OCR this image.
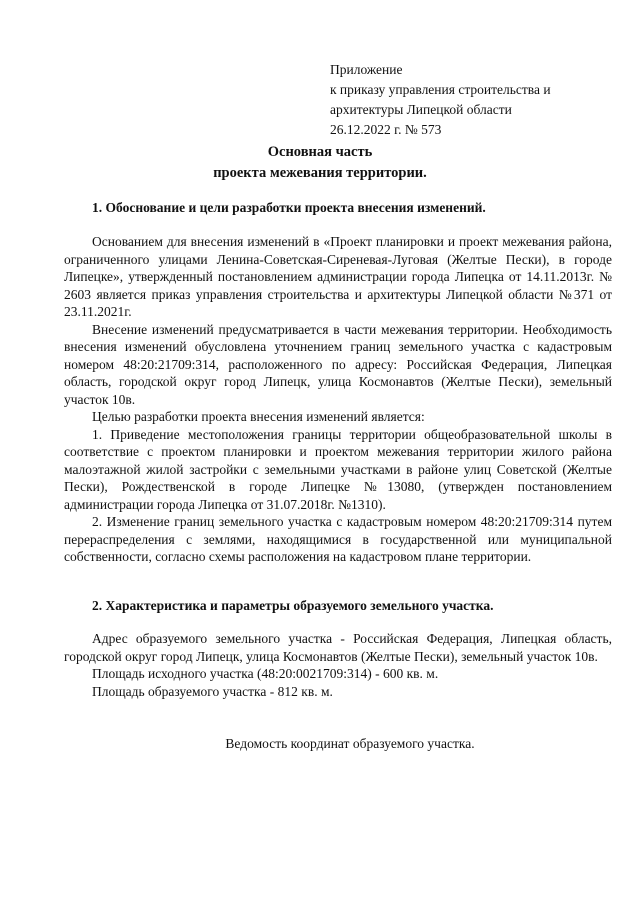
Приложение
к приказу управления строительства и
архитектуры Липецкой области
26.12.2022 г. № 573
Основная часть
проекта межевания территории.
1. Обоснование и цели разработки проекта внесения изменений.

Основанием для внесения изменений в «Проект планировки и проект межевания района, ограниченного улицами Ленина-Советская-Сиреневая-Луговая (Желтые Пески), в городе Липецке», утвержденный постановлением администрации города Липецка от 14.11.2013г. № 2603 является приказ управления строительства и архитектуры Липецкой области №371 от 23.11.2021г.

Внесение изменений предусматривается в части межевания территории. Необходимость внесения изменений обусловлена уточнением границ земельного участка с кадастровым номером 48:20:21709:314, расположенного по адресу: Российская Федерация, Липецкая область, городской округ город Липецк, улица Космонавтов (Желтые Пески), земельный участок 10в.

Целью разработки проекта внесения изменений является:

1. Приведение местоположения границы территории общеобразовательной школы в соответствие с проектом планировки и проектом межевания территории жилого района малоэтажной жилой застройки с земельными участками в районе улиц Советской (Желтые Пески), Рождественской в городе Липецке №13080, (утвержден постановлением администрации города Липецка от 31.07.2018г. №1310).

2. Изменение границ земельного участка с кадастровым номером 48:20:21709:314 путем перераспределения с землями, находящимися в государственной или муниципальной собственности, согласно схемы расположения на кадастровом плане территории.

2. Характеристика и параметры образуемого земельного участка.

Адрес образуемого земельного участка - Российская Федерация, Липецкая область, городской округ город Липецк, улица Космонавтов (Желтые Пески), земельный участок 10в.

Площадь исходного участка (48:20:0021709:314) - 600 кв. м.

Площадь образуемого участка - 812 кв. м.

Ведомость координат образуемого участка.
